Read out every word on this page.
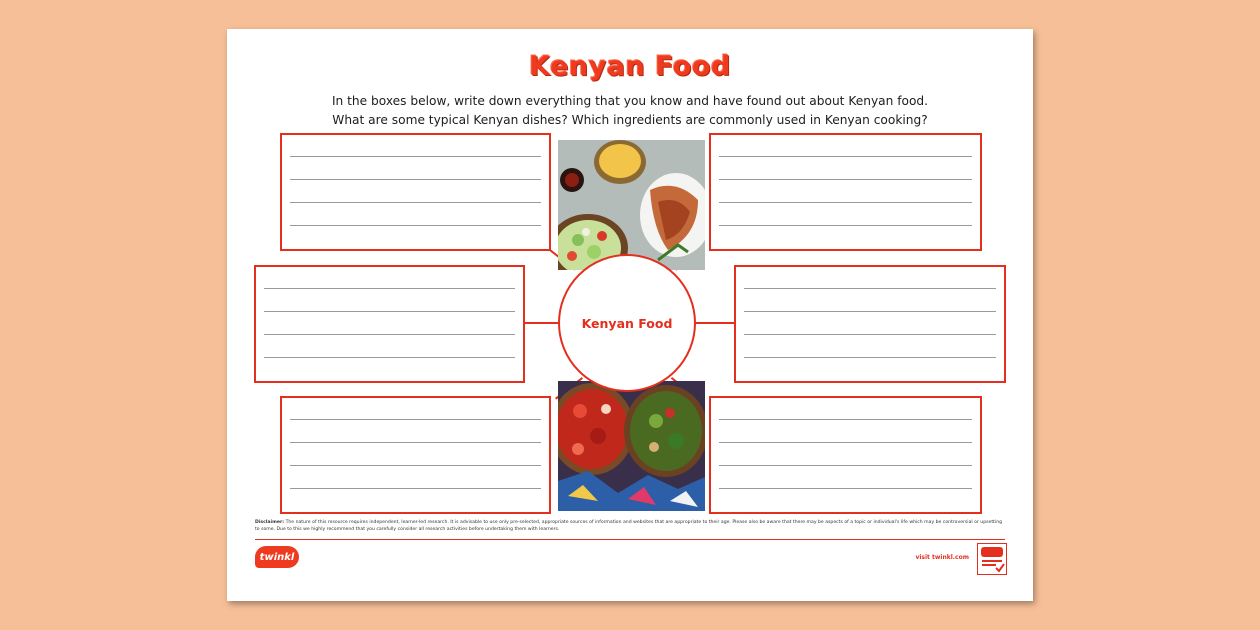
Kenyan Food
In the boxes below, write down everything that you know and have found out about Kenyan food.
What are some typical Kenyan dishes? Which ingredients are commonly used in Kenyan cooking?
Kenyan Food
Disclaimer: The nature of this resource requires independent, learner-led research. It is advisable to use only pre-selected, appropriate sources of information and websites that are appropriate to their age. Please also be aware that there may be aspects of a topic or individual's life which may be controversial or upsetting to some. Due to this we highly recommend that you carefully consider all research activities before undertaking them with learners.
twinkl	visit twinkl.com
